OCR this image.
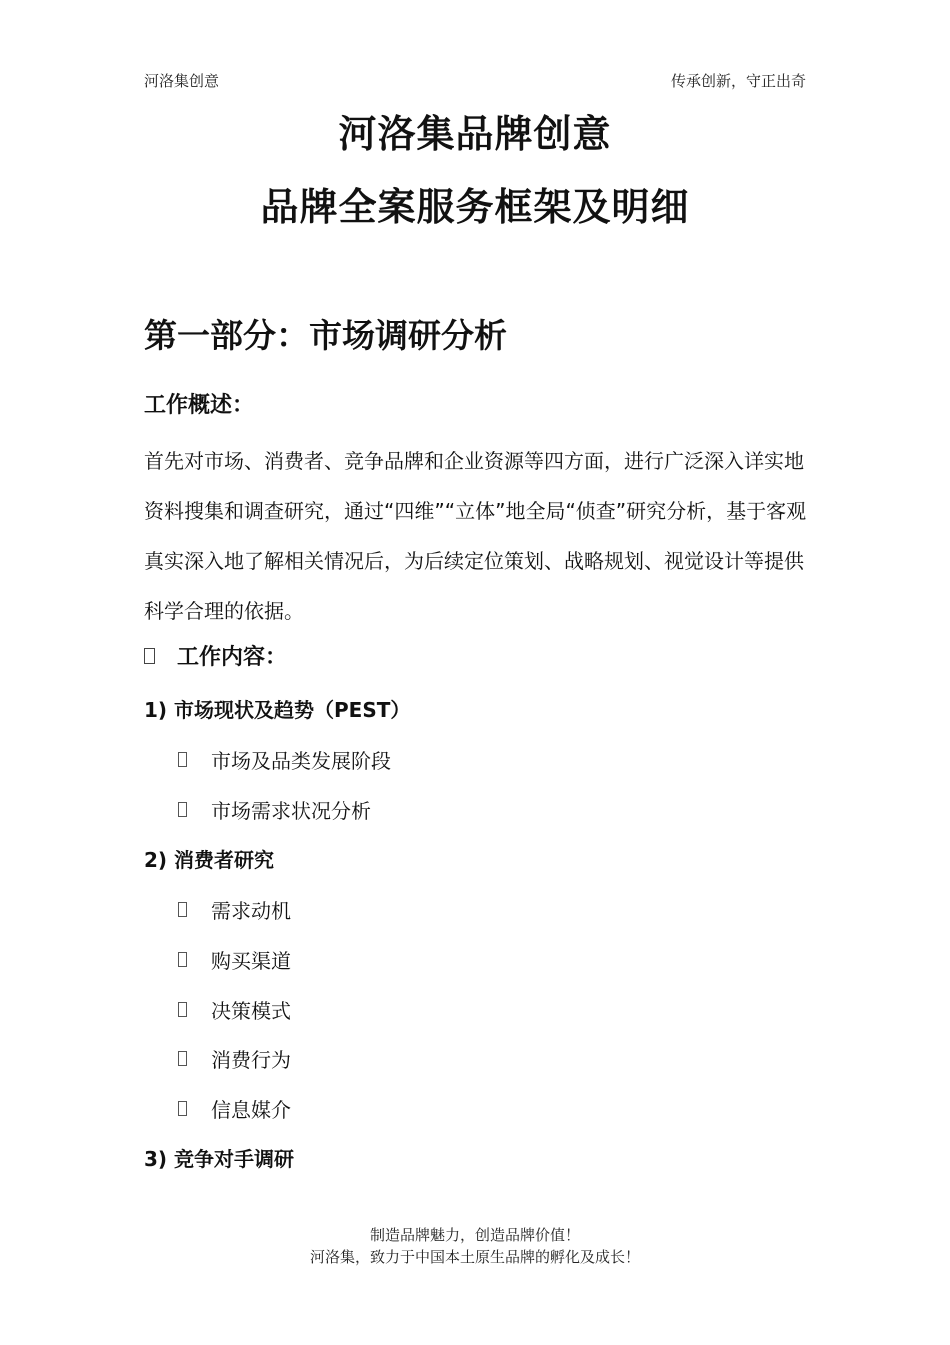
河洛集创意	传承创新，守正出奇
河洛集品牌创意
品牌全案服务框架及明细
第一部分：市场调研分析
工作概述：

首先对市场、消费者、竞争品牌和企业资源等四方面，进行广泛深入详实地资料搜集和调查研究，通过“四维”“立体”地全局“侦查”研究分析，基于客观真实深入地了解相关情况后，为后续定位策划、战略规划、视觉设计等提供科学合理的依据。

工作内容：
1) 市场现状及趋势（PEST）
市场及品类发展阶段
市场需求状况分析
2) 消费者研究
需求动机
购买渠道
决策模式
消费行为
信息媒介
3) 竞争对手调研
制造品牌魅力，创造品牌价值！
河洛集，致力于中国本土原生品牌的孵化及成长！
